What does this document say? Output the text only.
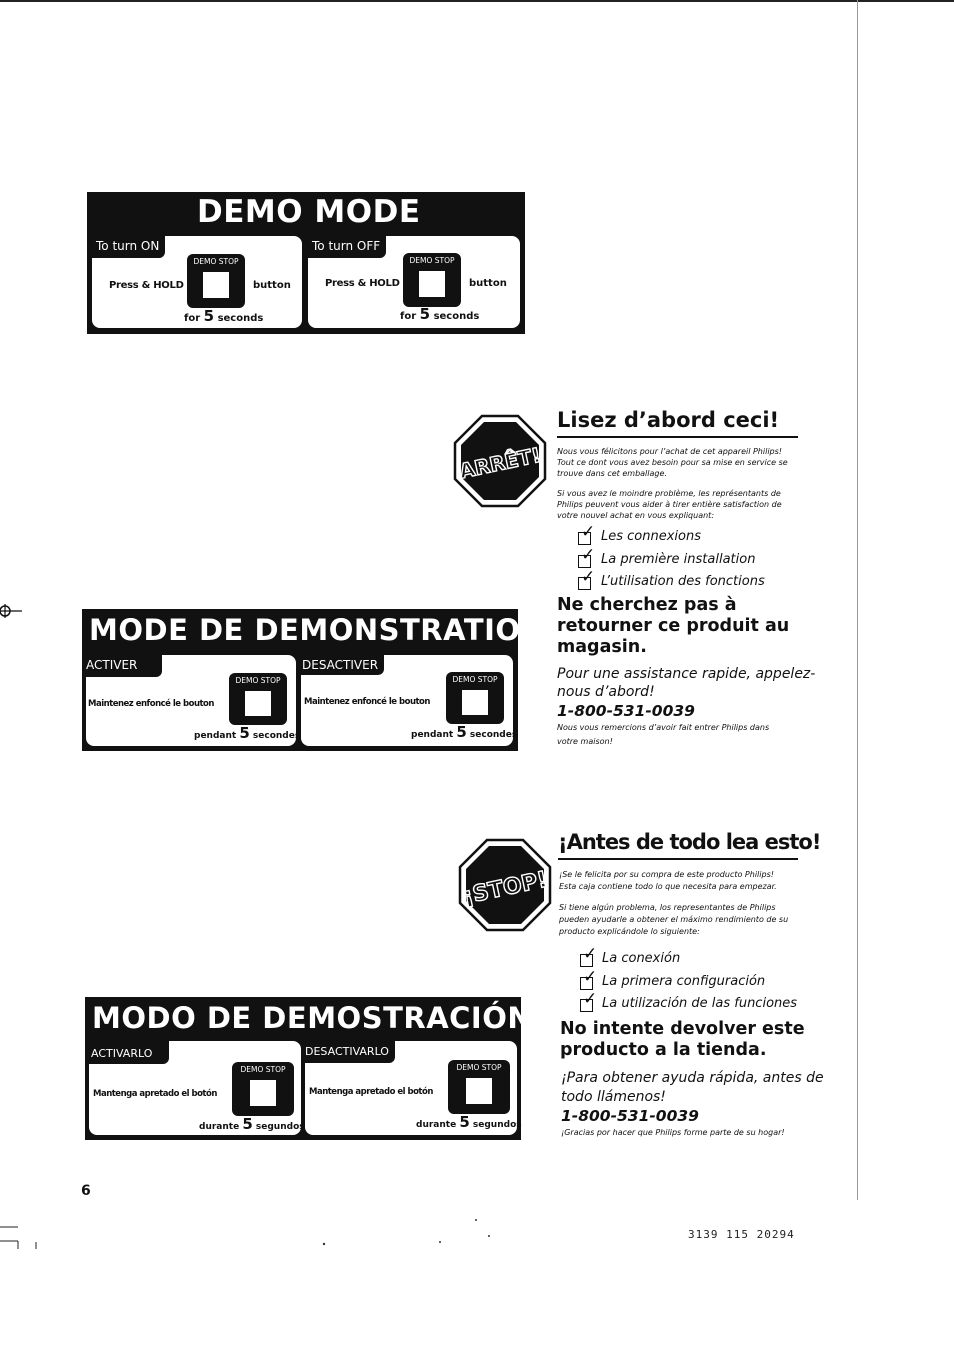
DEMO MODE
To turn ON
Press & HOLD
DEMO STOP
button
for 5 seconds
To turn OFF
Press & HOLD
DEMO STOP
button
for 5 seconds
MODE DE DEMONSTRATION
ACTIVER
Maintenez enfoncé le bouton
DEMO STOP
pendant 5 secondes
DESACTIVER
Maintenez enfoncé le bouton
DEMO STOP
pendant 5 secondes
MODO DE DEMOSTRACIÓN
ACTIVARLO
Mantenga apretado el botón
DEMO STOP
durante 5 segundos
DESACTIVARLO
Mantenga apretado el botón
DEMO STOP
durante 5 segundos
ARRÊT!
¡STOP!
Lisez d’abord ceci!
Nous vous félicitons pour l’achat de cet appareil Philips!
Tout ce dont vous avez besoin pour sa mise en service se
trouve dans cet emballage.
Si vous avez le moindre problème, les représentants de
Philips peuvent vous aider à tirer entière satisfaction de
votre nouvel achat en vous expliquant:
✓ Les connexions
✓ La première installation
✓ L’utilisation des fonctions
Ne cherchez pas à
retourner ce produit au
magasin.
Pour une assistance rapide, appelez-
nous d’abord!
1-800-531-0039
Nous vous remercions d’avoir fait entrer Philips dans
votre maison!
¡Antes de todo lea esto!
¡Se le felicita por su compra de este producto Philips!
Esta caja contiene todo lo que necesita para empezar.
Si tiene algún problema, los representantes de Philips
pueden ayudarle a obtener el máximo rendimiento de su
producto explicándole lo siguiente:
✓ La conexión
✓ La primera configuración
✓ La utilización de las funciones
No intente devolver este
producto a la tienda.
¡Para obtener ayuda rápida, antes de
todo llámenos!
1-800-531-0039
¡Gracias por hacer que Philips forme parte de su hogar!
6
3139 115 20294
